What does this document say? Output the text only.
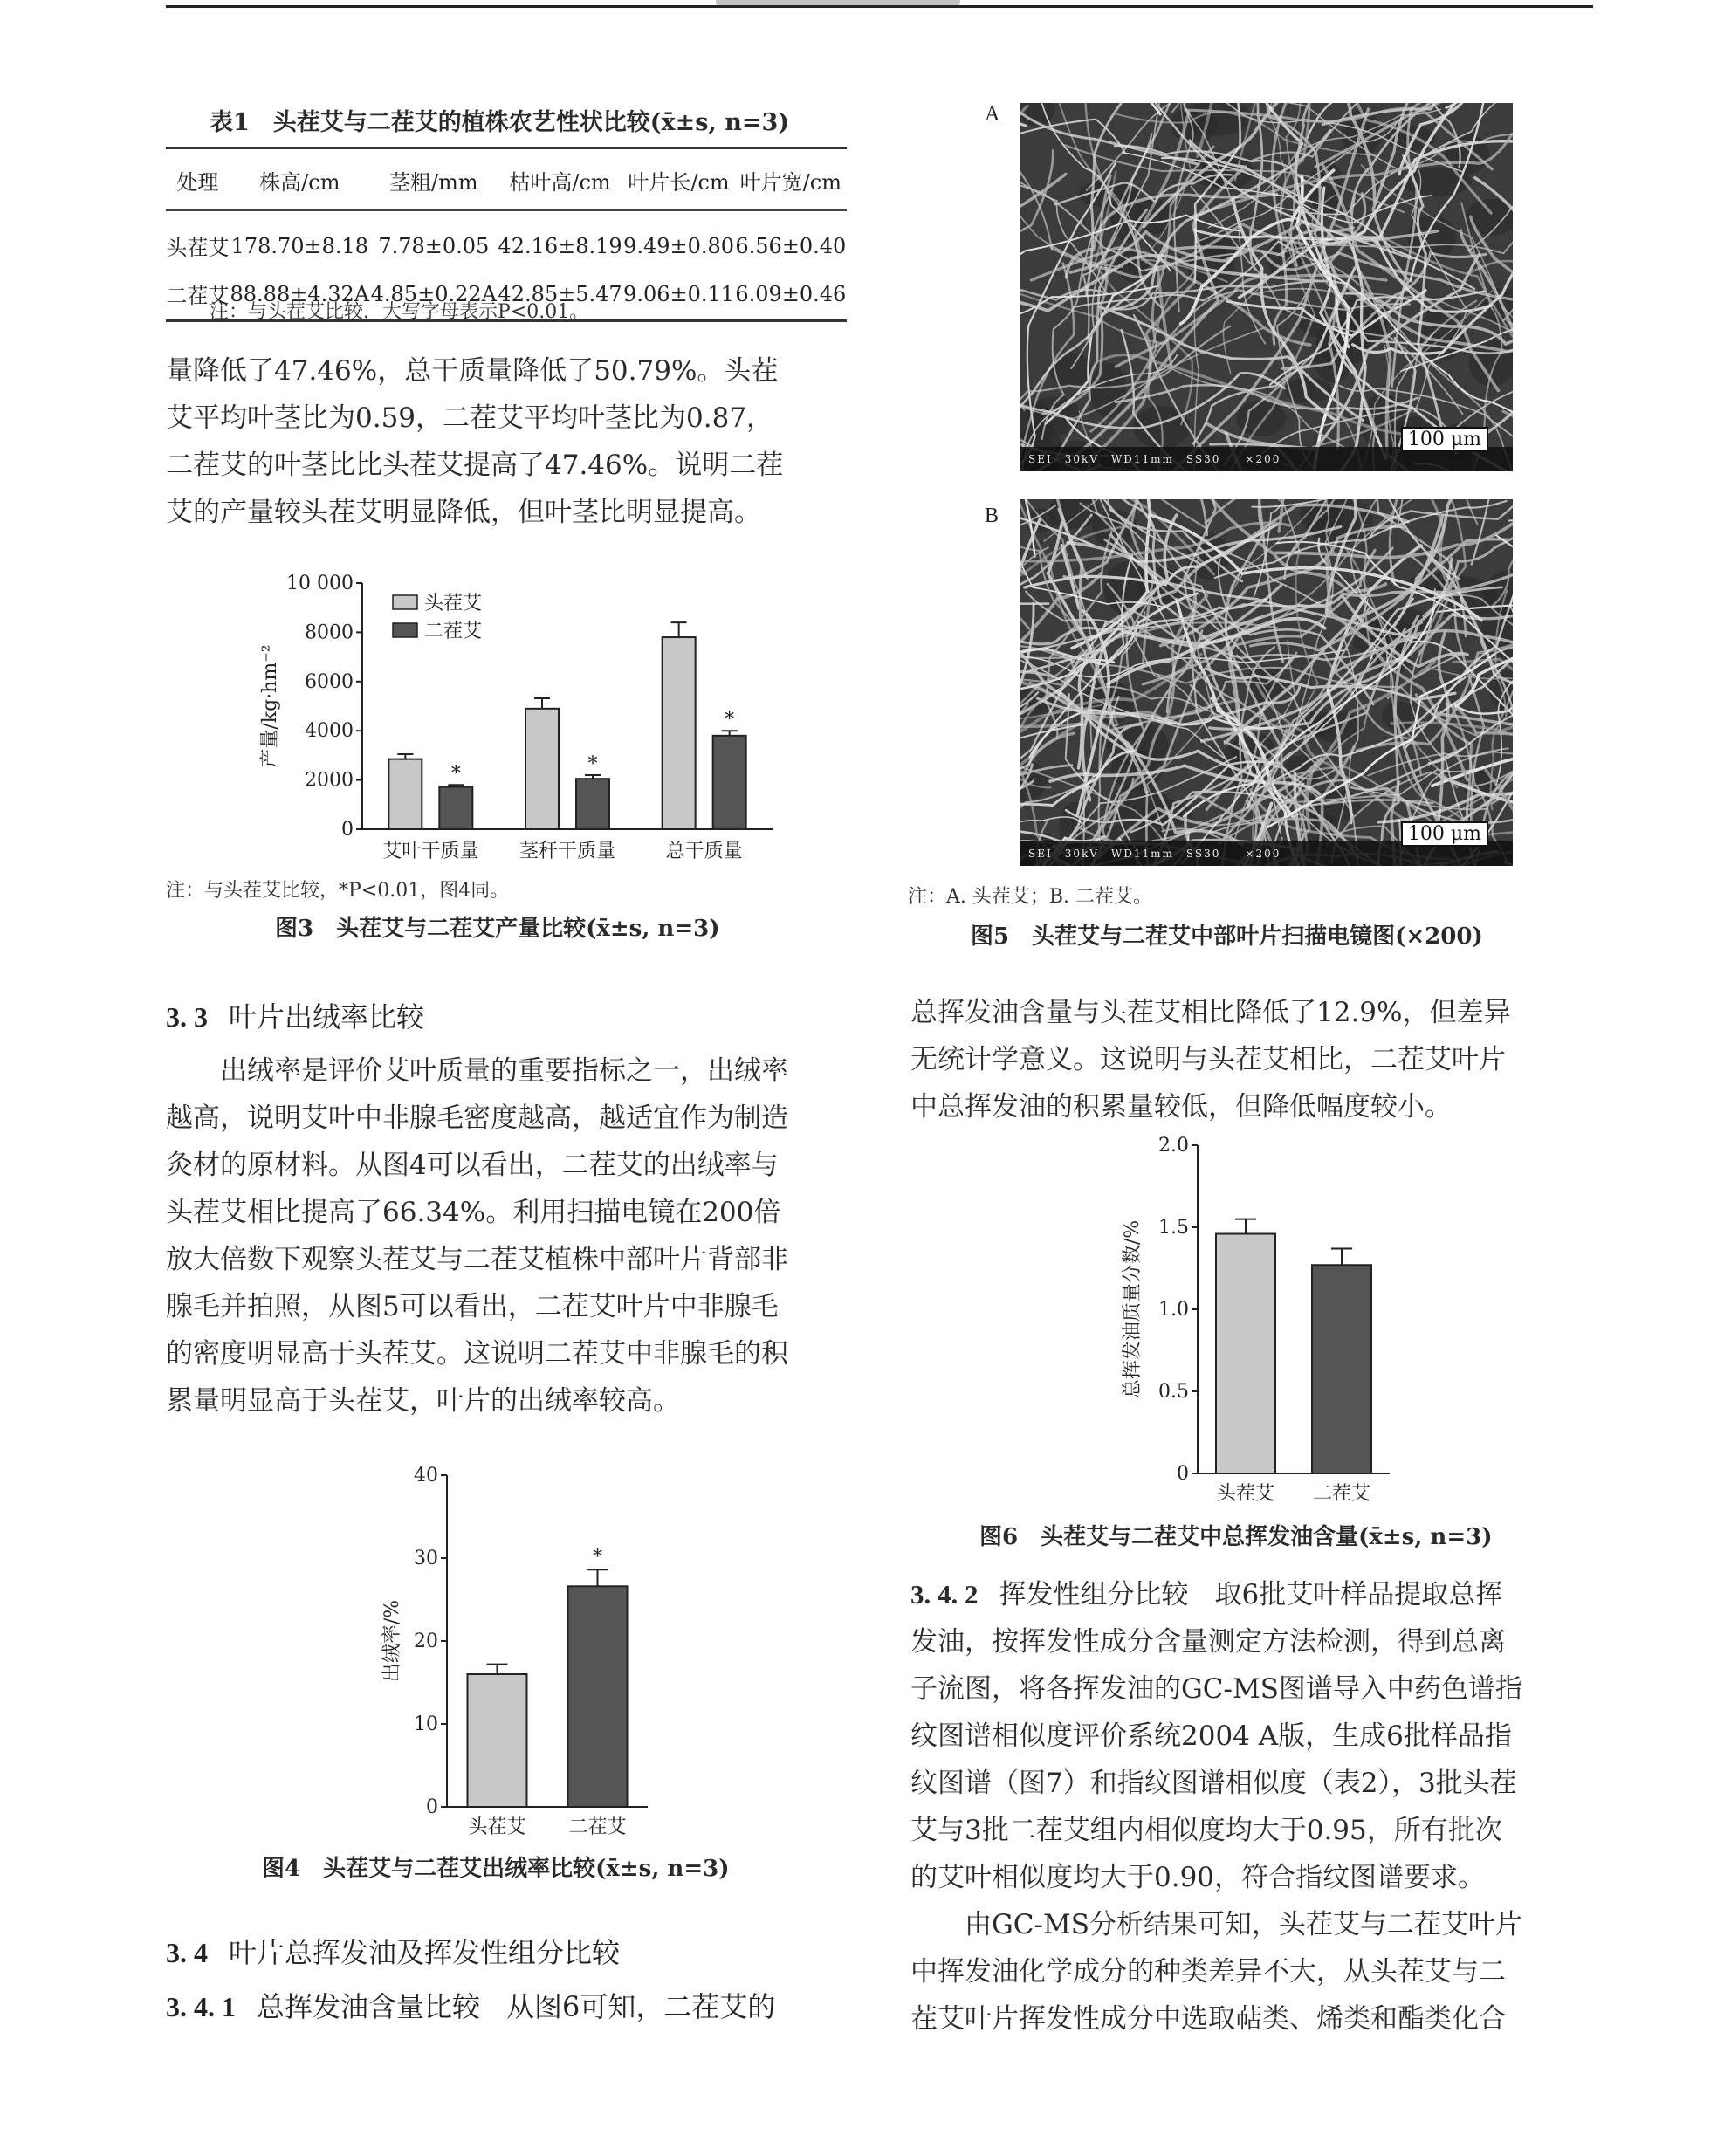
表1　头茬艾与二茬艾的植株农艺性状比较(x̄±s, n=3)
处理	株高/cm	茎粗/mm	枯叶高/cm	叶片长/cm	叶片宽/cm
头茬艾	178.70±8.18	7.78±0.05	42.16±8.19	9.49±0.80	6.56±0.40
二茬艾	88.88±4.32A	4.85±0.22A	42.85±5.47	9.06±0.11	6.09±0.46
注：与头茬艾比较，大写字母表示P<0.01。

量降低了47.46%，总干质量降低了50.79%。头茬

艾平均叶茎比为0.59，二茬艾平均叶茎比为0.87，

二茬艾的叶茎比比头茬艾提高了47.46%。说明二茬

艾的产量较头茬艾明显降低，但叶茎比明显提高。

0
2000
4000
6000
8000
10 000
产量/kg·hm⁻²
艾叶干质量
*
茎秆干质量
*
总干质量
*
头茬艾
二茬艾
注：与头茬艾比较，*P<0.01，图4同。
图3　头茬艾与二茬艾产量比较(x̄±s, n=3)
3. 3 叶片出绒率比较

出绒率是评价艾叶质量的重要指标之一，出绒率

越高，说明艾叶中非腺毛密度越高，越适宜作为制造

灸材的原材料。从图4可以看出，二茬艾的出绒率与

头茬艾相比提高了66.34%。利用扫描电镜在200倍

放大倍数下观察头茬艾与二茬艾植株中部叶片背部非

腺毛并拍照，从图5可以看出，二茬艾叶片中非腺毛

的密度明显高于头茬艾。这说明二茬艾中非腺毛的积

累量明显高于头茬艾，叶片的出绒率较高。

0
10
20
30
40
出绒率/%
头茬艾
*
二茬艾
图4　头茬艾与二茬艾出绒率比较(x̄±s, n=3)
3. 4 叶片总挥发油及挥发性组分比较
3. 4. 1 总挥发油含量比较 从图6可知，二茬艾的
A
100 μm
SEI　30kV　WD11mm　SS30　　×200
B
100 μm
SEI　30kV　WD11mm　SS30　　×200
注：A. 头茬艾；B. 二茬艾。
图5　头茬艾与二茬艾中部叶片扫描电镜图(×200)

总挥发油含量与头茬艾相比降低了12.9%，但差异

无统计学意义。这说明与头茬艾相比，二茬艾叶片

中总挥发油的积累量较低，但降低幅度较小。

0
0.5
1.0
1.5
2.0
总挥发油质量分数/%
头茬艾 二茬艾
图6　头茬艾与二茬艾中总挥发油含量(x̄±s, n=3)

3. 4. 2 挥发性组分比较 取6批艾叶样品提取总挥

发油，按挥发性成分含量测定方法检测，得到总离

子流图，将各挥发油的GC-MS图谱导入中药色谱指

纹图谱相似度评价系统2004 A版，生成6批样品指

纹图谱（图7）和指纹图谱相似度（表2），3批头茬

艾与3批二茬艾组内相似度均大于0.95，所有批次

的艾叶相似度均大于0.90，符合指纹图谱要求。

由GC-MS分析结果可知，头茬艾与二茬艾叶片

中挥发油化学成分的种类差异不大，从头茬艾与二

茬艾叶片挥发性成分中选取萜类、烯类和酯类化合
